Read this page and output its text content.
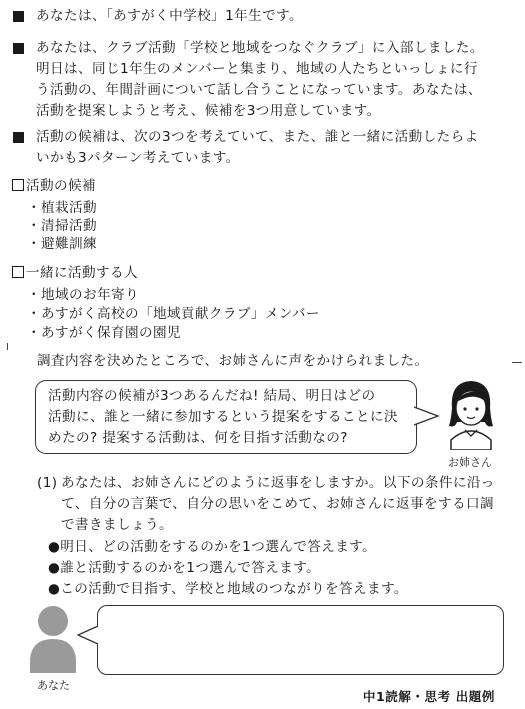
あなたは、「あすがく中学校」1年生です。
あなたは、クラブ活動「学校と地域をつなぐクラブ」に入部しました。
明日は、同じ1年生のメンバーと集まり、地域の人たちといっしょに行
う活動の、年間計画について話し合うことになっています。あなたは、
活動を提案しようと考え、候補を3つ用意しています。
活動の候補は、次の3つを考えていて、また、誰と一緒に活動したらよ
いかも3パターン考えています。
活動の候補
・植栽活動
・清掃活動
・避難訓練
一緒に活動する人
・地域のお年寄り
・あすがく高校の「地域貢献クラブ」メンバー
・あすがく保育園の園児
調査内容を決めたところで、お姉さんに声をかけられました。
活動内容の候補が3つあるんだね! 結局、明日はどの
活動に、誰と一緒に参加するという提案をすることに決
めたの? 提案する活動は、何を目指す活動なの?
お姉さん
(1) あなたは、お姉さんにどのように返事をしますか。以下の条件に沿っ
て、自分の言葉で、自分の思いをこめて、お姉さんに返事をする口調
で書きましょう。
●明日、どの活動をするのかを1つ選んで答えます。
●誰と活動するのかを1つ選んで答えます。
●この活動で目指す、学校と地域のつながりを答えます。
あなた
中1読解・思考 出題例
